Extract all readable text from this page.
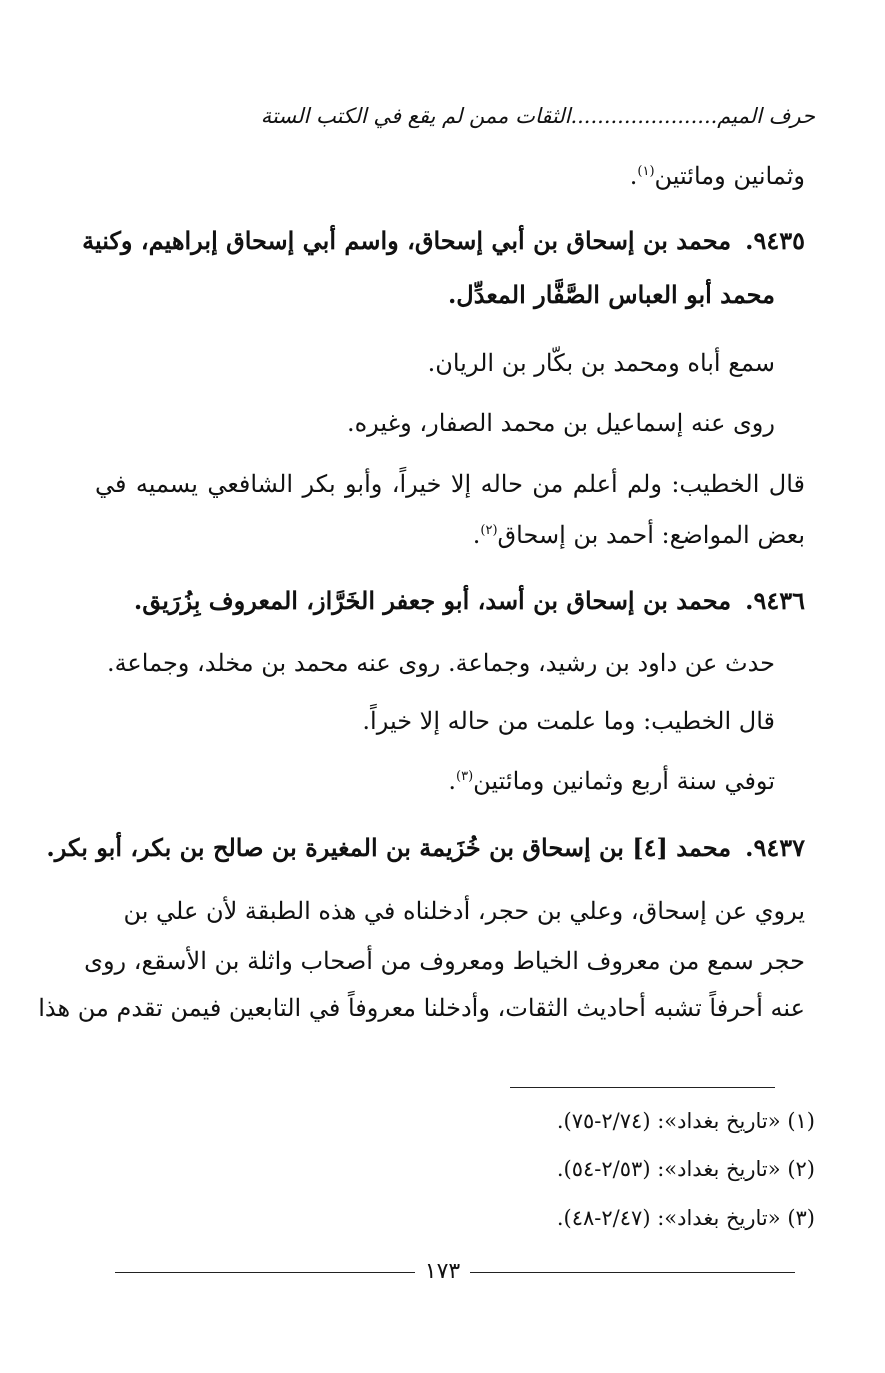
حرف الميم......................الثقات ممن لم يقع في الكتب الستة
وثمانين ومائتين$^{(١)}$.
٩٤٣٥.محمد بن إسحاق بن أبي إسحاق، واسم أبي إسحاق إبراهيم، وكنية
محمد أبو العباس الصَّفَّار المعدِّل.
سمع أباه ومحمد بن بكّار بن الريان.
روى عنه إسماعيل بن محمد الصفار، وغيره.
قال الخطيب: ولم أعلم من حاله إلا خيراً، وأبو بكر الشافعي يسميه في
بعض المواضع: أحمد بن إسحاق$^{(٢)}$.
٩٤٣٦.محمد بن إسحاق بن أسد، أبو جعفر الخَرَّاز، المعروف بِزُرَيق.
حدث عن داود بن رشيد، وجماعة. روى عنه محمد بن مخلد، وجماعة.
قال الخطيب: وما علمت من حاله إلا خيراً.
توفي سنة أربع وثمانين ومائتين$^{(٣)}$.
٩٤٣٧.محمد [٤] بن إسحاق بن خُزَيمة بن المغيرة بن صالح بن بكر، أبو بكر.
يروي عن إسحاق، وعلي بن حجر، أدخلناه في هذه الطبقة لأن علي بن
حجر سمع من معروف الخياط ومعروف من أصحاب واثلة بن الأسقع، روى
عنه أحرفاً تشبه أحاديث الثقات، وأدخلنا معروفاً في التابعين فيمن تقدم من هذا
(١) «تاريخ بغداد»: (٢/٧٤-٧٥).
(٢) «تاريخ بغداد»: (٢/٥٣-٥٤).
(٣) «تاريخ بغداد»: (٢/٤٧-٤٨).
١٧٣
